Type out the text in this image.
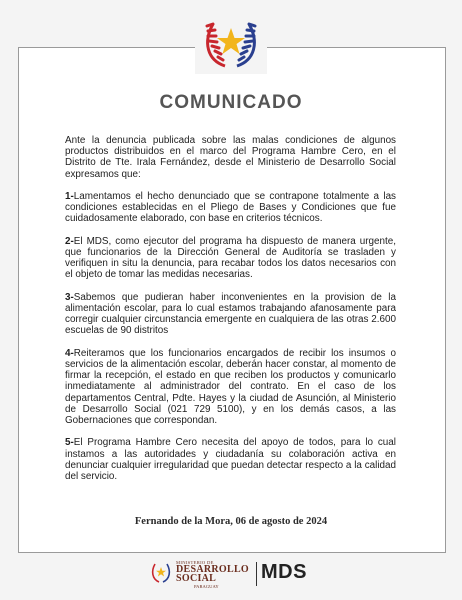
COMUNICADO

Ante la denuncia publicada sobre las malas condiciones de algunos productos distribuidos en el marco del Programa Hambre Cero, en el Distrito de Tte. Irala Fernández, desde el Ministerio de Desarrollo Social expresamos que:

1-Lamentamos el hecho denunciado que se contrapone totalmente a las condiciones establecidas en el Pliego de Bases y Condiciones que fue cuidadosamente elaborado, con base en criterios técnicos.

2-El MDS, como ejecutor del programa ha dispuesto de manera urgente, que funcionarios de la Dirección General de Auditoría se trasladen y verifiquen in situ la denuncia, para recabar todos los datos necesarios con el objeto de tomar las medidas necesarias.

3-Sabemos que pudieran haber inconvenientes en la provision de la alimentación escolar, para lo cual estamos trabajando afanosamente para corregir cualquier circunstancia emergente en cualquiera de las otras 2.600 escuelas de 90 distritos

4-Reiteramos que los funcionarios encargados de recibir los insumos o servicios de la alimentación escolar, deberán hacer constar, al momento de firmar la recepción, el estado en que reciben los productos y comunicarlo inmediatamente al administrador del contrato. En el caso de los departamentos Central, Pdte. Hayes y la ciudad de Asunción, al Ministerio de Desarrollo Social (021 729 5100), y en los demás casos, a las Gobernaciones que correspondan.

5-El Programa Hambre Cero necesita del apoyo de todos, para lo cual instamos a las autoridades y ciudadanía su colaboración activa en denunciar cualquier irregularidad que puedan detectar respecto a la calidad del servicio.

Fernando de la Mora, 06 de agosto de 2024
MINISTERIO DE
DESARROLLO
SOCIAL
PARAGUAY
MDS
